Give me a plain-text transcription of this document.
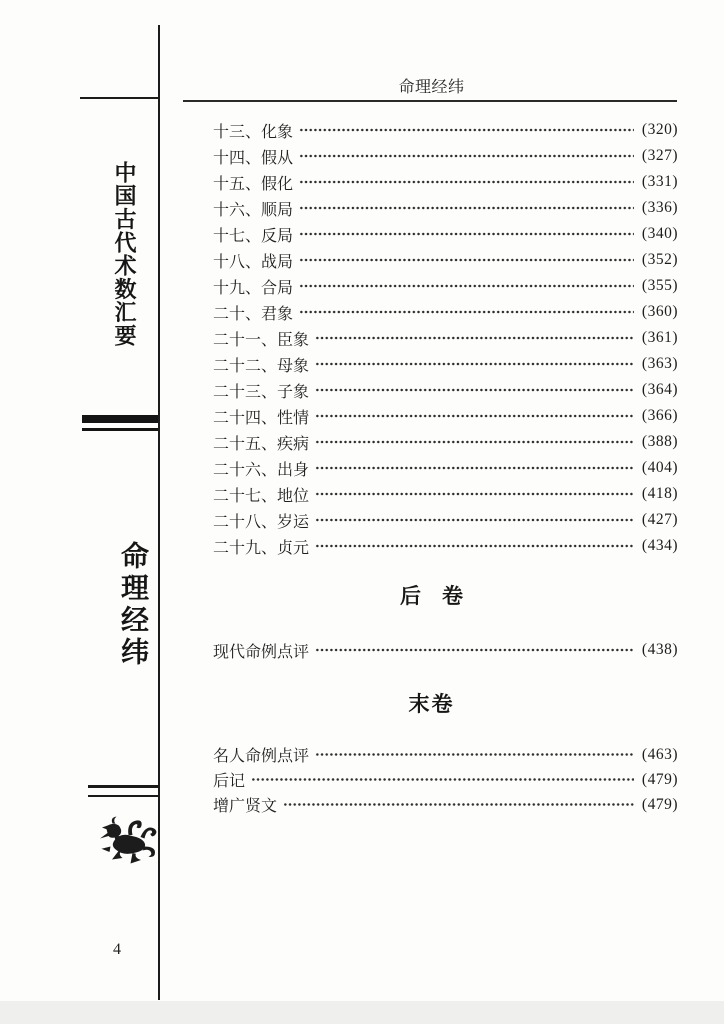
中国古代术数汇要
命理经纬
4
命理经纬
十三、化象	(320)
十四、假从	(327)
十五、假化	(331)
十六、顺局	(336)
十七、反局	(340)
十八、战局	(352)
十九、合局	(355)
二十、君象	(360)
二十一、臣象	(361)
二十二、母象	(363)
二十三、子象	(364)
二十四、性情	(366)
二十五、疾病	(388)
二十六、出身	(404)
二十七、地位	(418)
二十八、岁运	(427)
二十九、贞元	(434)
后　卷
现代命例点评	(438)
末卷
名人命例点评	(463)
后记	(479)
增广贤文	(479)
